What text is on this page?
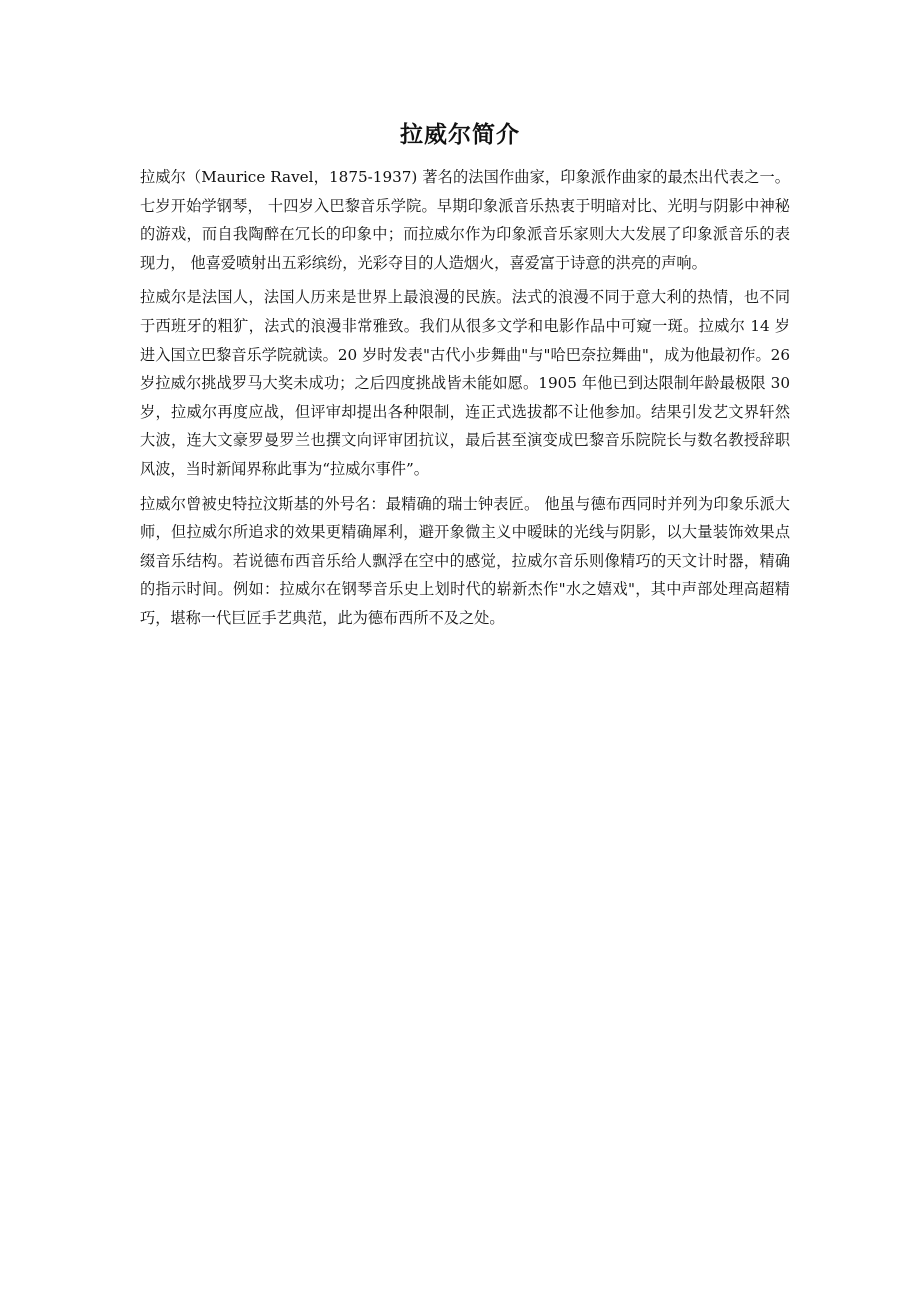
拉威尔简介

拉威尔（Maurice Ravel，1875-1937) 著名的法国作曲家，印象派作曲家的最杰出代表之一。七岁开始学钢琴， 十四岁入巴黎音乐学院。早期印象派音乐热衷于明暗对比、光明与阴影中神秘的游戏，而自我陶醉在冗长的印象中；而拉威尔作为印象派音乐家则大大发展了印象派音乐的表现力， 他喜爱喷射出五彩缤纷，光彩夺目的人造烟火，喜爱富于诗意的洪亮的声响。

拉威尔是法国人，法国人历来是世界上最浪漫的民族。法式的浪漫不同于意大利的热情，也不同于西班牙的粗犷，法式的浪漫非常雅致。我们从很多文学和电影作品中可窥一斑。拉威尔 14 岁进入国立巴黎音乐学院就读。20 岁时发表"古代小步舞曲"与"哈巴奈拉舞曲"，成为他最初作。26 岁拉威尔挑战罗马大奖未成功；之后四度挑战皆未能如愿。1905 年他已到达限制年龄最极限 30 岁，拉威尔再度应战，但评审却提出各种限制，连正式选拔都不让他参加。结果引发艺文界轩然大波，连大文豪罗曼罗兰也撰文向评审团抗议，最后甚至演变成巴黎音乐院院长与数名教授辞职风波，当时新闻界称此事为“拉威尔事件”。

拉威尔曾被史特拉汶斯基的外号名：最精确的瑞士钟表匠。 他虽与德布西同时并列为印象乐派大师，但拉威尔所追求的效果更精确犀利，避开象微主义中暧昧的光线与阴影，以大量装饰效果点缀音乐结构。若说德布西音乐给人飘浮在空中的感觉，拉威尔音乐则像精巧的天文计时器，精确的指示时间。例如：拉威尔在钢琴音乐史上划时代的崭新杰作"水之嬉戏"，其中声部处理高超精巧，堪称一代巨匠手艺典范，此为德布西所不及之处。
